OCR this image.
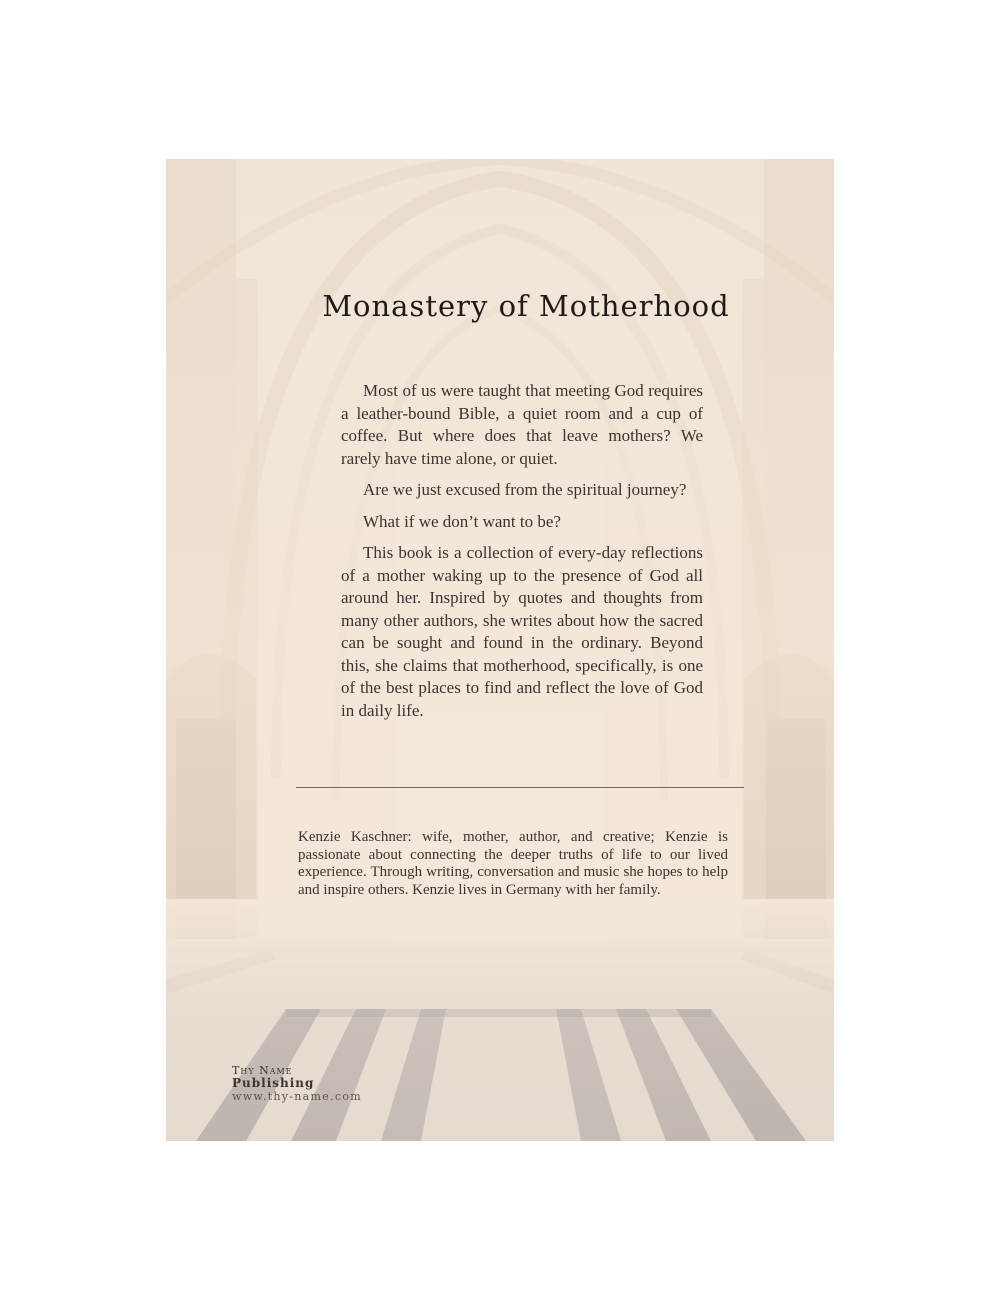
Monastery of Motherhood

Most of us were taught that meeting God requires a leather-bound Bible, a quiet room and a cup of coffee. But where does that leave mothers? We rarely have time alone, or quiet.

Are we just excused from the spiritual journey?

What if we don’t want to be?

This book is a collection of every-day reflections of a mother waking up to the presence of God all around her. Inspired by quotes and thoughts from many other authors, she writes about how the sacred can be sought and found in the ordinary. Beyond this, she claims that motherhood, specifically, is one of the best places to find and reflect the love of God in daily life.

Kenzie Kaschner: wife, mother, author, and creative; Kenzie is passionate about connecting the deeper truths of life to our lived experience. Through writing, conversation and music she hopes to help and inspire others. Kenzie lives in Germany with her family.

Thy Name
Publishing
www.thy-name.com
